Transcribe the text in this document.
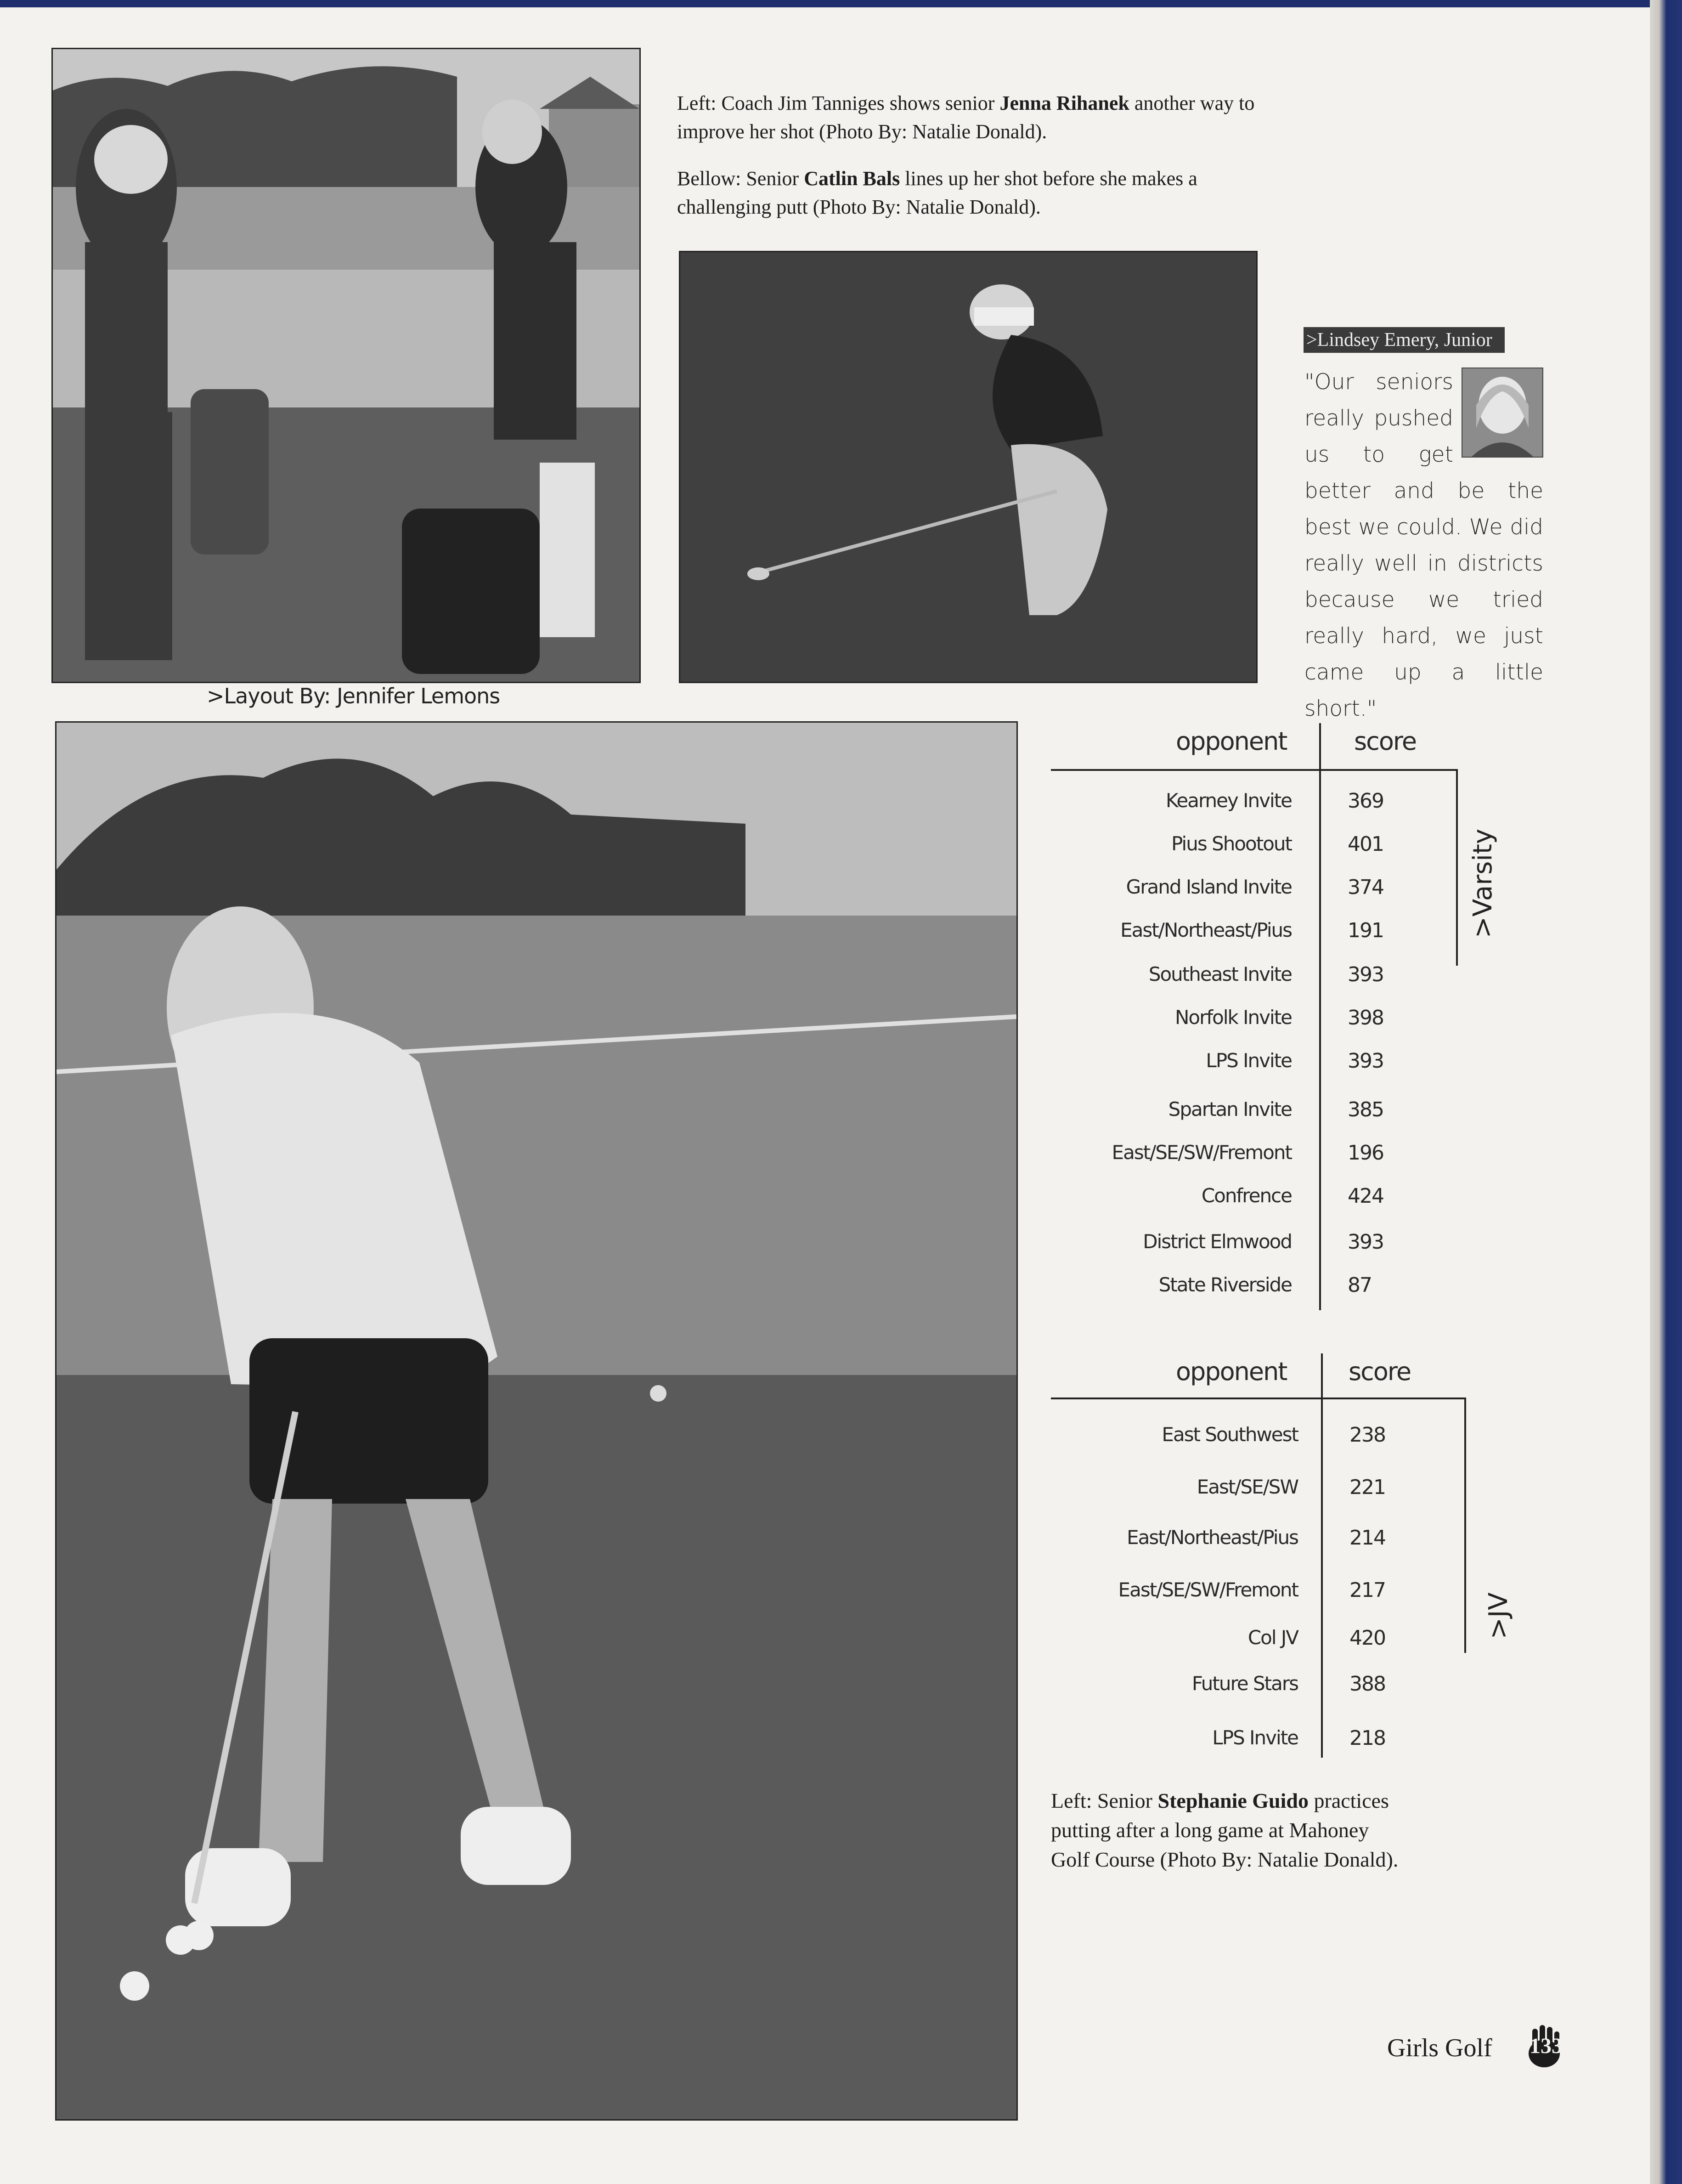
Left: Coach Jim Tanniges shows senior Jenna Rihanek another way to improve her shot (Photo By: Natalie Donald).
Bellow: Senior Catlin Bals lines up her shot before she makes a challenging putt (Photo By: Natalie Donald).
Left: Senior Stephanie Guido practices putting after a long game at Mahoney Golf Course (Photo By: Natalie Donald).
>Layout By: Jennifer Lemons
>Lindsey Emery, Junior
"Our seniors really pushed us to get better and be the best we could. We did really well in districts because we tried really hard, we just came up a little short."
opponent	score
Kearney Invite	369
Pius Shootout	401
Grand Island Invite	374
East/Northeast/Pius	191
Southeast Invite	393
Norfolk Invite	398
LPS Invite	393
Spartan Invite	385
East/SE/SW/Fremont	196
Confrence	424
District Elmwood	393
State Riverside	87
>Varsity
opponent score
East Southwest	238
East/SE/SW	221
East/Northeast/Pius	214
East/SE/SW/Fremont	217
Col JV	420
Future Stars	388
LPS Invite	218
>JV
Girls Golf 133
